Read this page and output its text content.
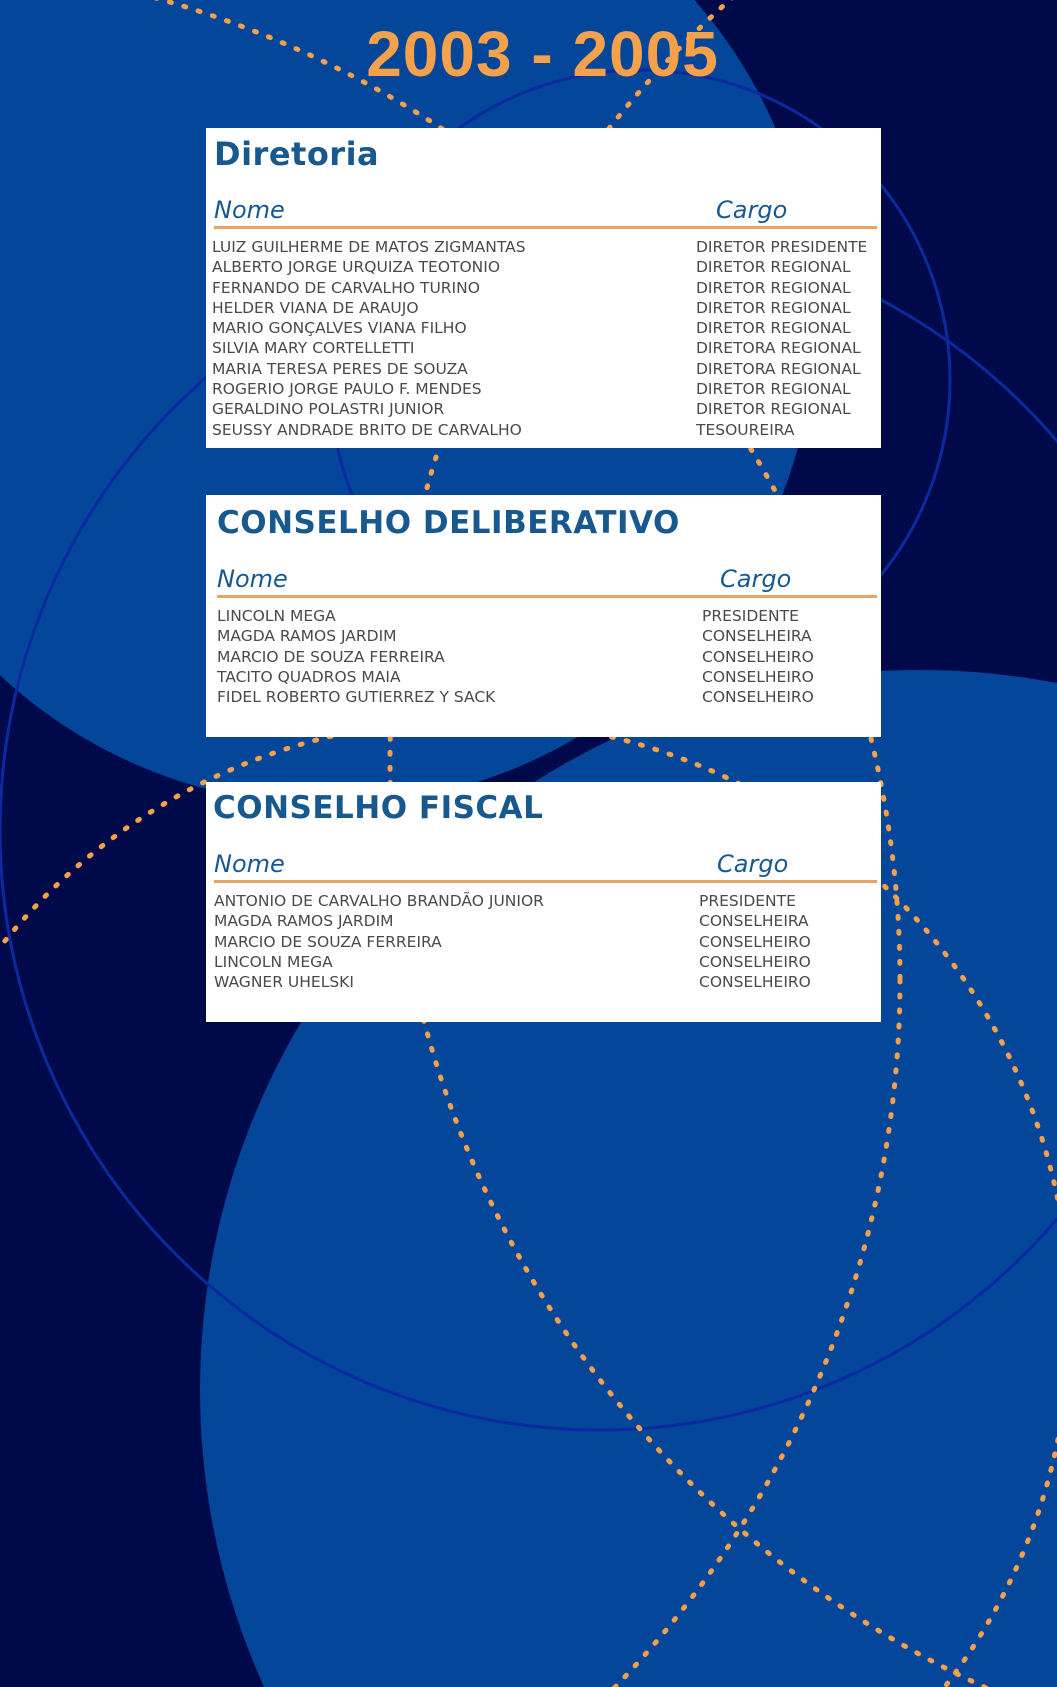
2003 - 2005
Diretoria
Nome	Cargo
LUIZ GUILHERME DE MATOS ZIGMANTAS	DIRETOR PRESIDENTE
ALBERTO JORGE URQUIZA TEOTONIO	DIRETOR REGIONAL
FERNANDO DE CARVALHO TURINO	DIRETOR REGIONAL
HELDER VIANA DE ARAUJO	DIRETOR REGIONAL
MARIO GONÇALVES VIANA FILHO	DIRETOR REGIONAL
SILVIA MARY CORTELLETTI	DIRETORA REGIONAL
MARIA TERESA PERES DE SOUZA	DIRETORA REGIONAL
ROGERIO JORGE PAULO F. MENDES	DIRETOR REGIONAL
GERALDINO POLASTRI JUNIOR	DIRETOR REGIONAL
SEUSSY ANDRADE BRITO DE CARVALHO	TESOUREIRA
CONSELHO DELIBERATIVO
Nome	Cargo
LINCOLN MEGA	PRESIDENTE
MAGDA RAMOS JARDIM	CONSELHEIRA
MARCIO DE SOUZA FERREIRA	CONSELHEIRO
TACITO QUADROS MAIA	CONSELHEIRO
FIDEL ROBERTO GUTIERREZ Y SACK	CONSELHEIRO
CONSELHO FISCAL
Nome	Cargo
ANTONIO DE CARVALHO BRANDÃO JUNIOR	PRESIDENTE
MAGDA RAMOS JARDIM	CONSELHEIRA
MARCIO DE SOUZA FERREIRA	CONSELHEIRO
LINCOLN MEGA	CONSELHEIRO
WAGNER UHELSKI	CONSELHEIRO
